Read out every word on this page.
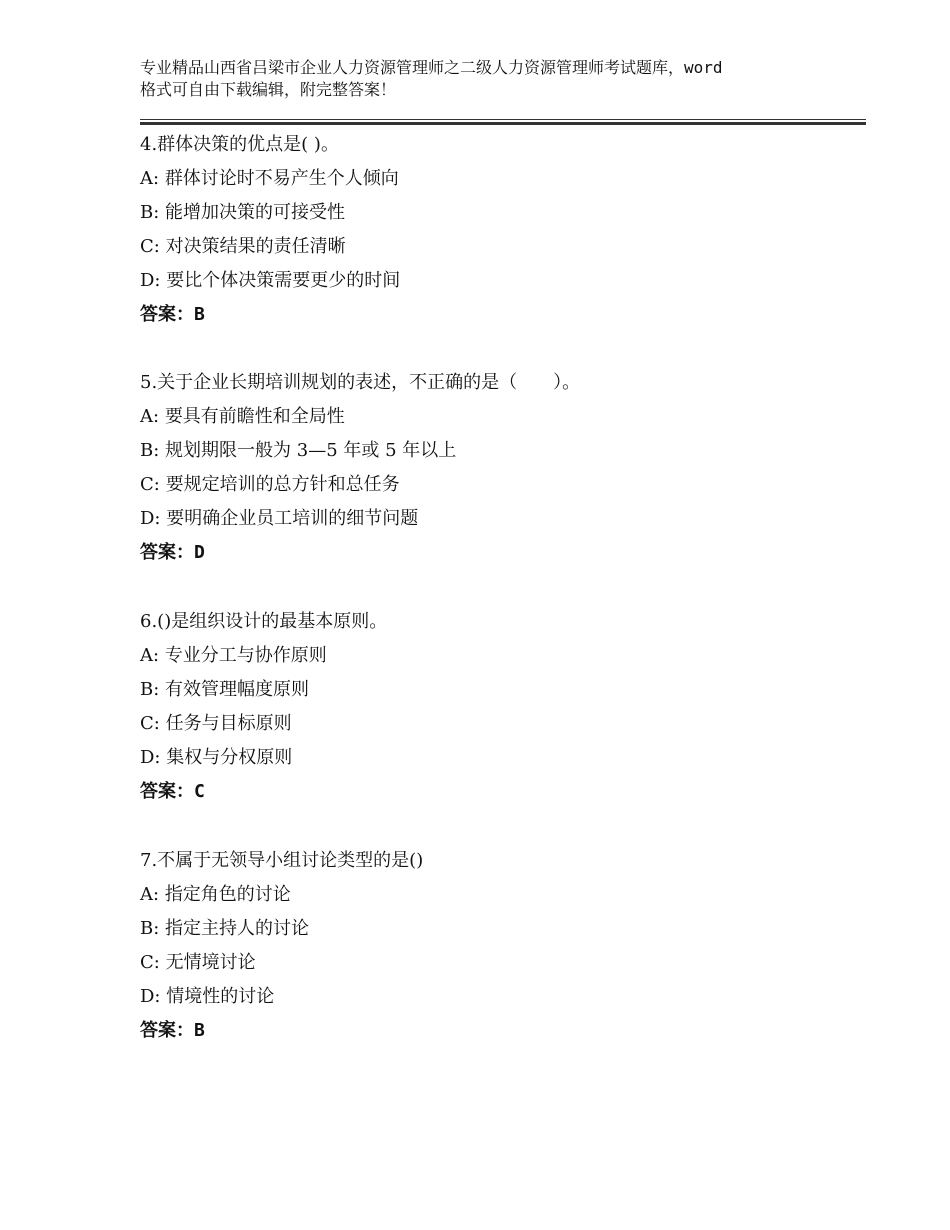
专业精品山西省吕梁市企业人力资源管理师之二级人力资源管理师考试题库，word
格式可自由下载编辑，附完整答案！
4.群体决策的优点是( )。
A: 群体讨论时不易产生个人倾向
B: 能增加决策的可接受性
C: 对决策结果的责任清晰
D: 要比个体决策需要更少的时间
答案：B
5.关于企业长期培训规划的表述，不正确的是（　　）。
A: 要具有前瞻性和全局性
B: 规划期限一般为 3—5 年或 5 年以上
C: 要规定培训的总方针和总任务
D: 要明确企业员工培训的细节问题
答案：D
6.()是组织设计的最基本原则。
A: 专业分工与协作原则
B: 有效管理幅度原则
C: 任务与目标原则
D: 集权与分权原则
答案：C
7.不属于无领导小组讨论类型的是()
A: 指定角色的讨论
B: 指定主持人的讨论
C: 无情境讨论
D: 情境性的讨论
答案：B
